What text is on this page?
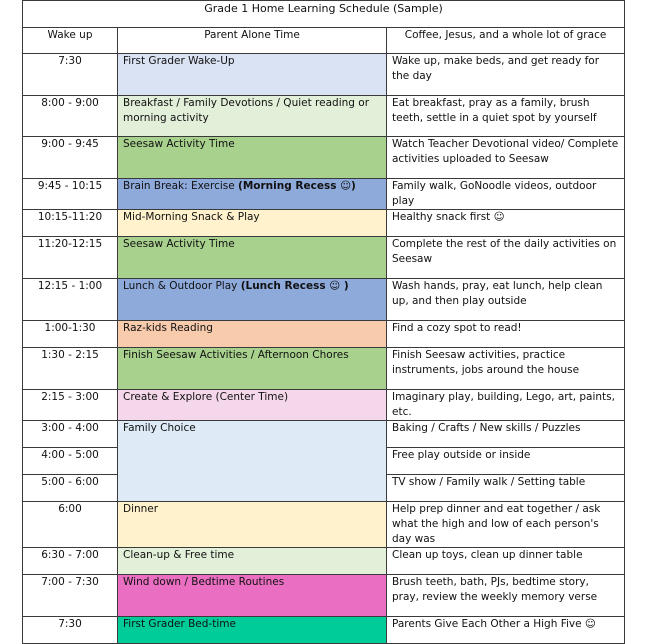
Grade 1 Home Learning Schedule (Sample)		
Wake up	Parent Alone Time	Coffee, Jesus, and a whole lot of grace
7:30	First Grader Wake-Up	Wake up, make beds, and get ready for the day
8:00 - 9:00	Breakfast / Family Devotions / Quiet reading or morning activity	Eat breakfast, pray as a family, brush teeth, settle in a quiet spot by yourself
9:00 - 9:45	Seesaw Activity Time	Watch Teacher Devotional video/ Complete activities uploaded to Seesaw
9:45 - 10:15	Brain Break: Exercise (Morning Recess ☺)	Family walk, GoNoodle videos, outdoor play
10:15-11:20	Mid-Morning Snack & Play	Healthy snack first ☺
11:20-12:15	Seesaw Activity Time	Complete the rest of the daily activities on Seesaw
12:15 - 1:00	Lunch & Outdoor Play (Lunch Recess ☺ )	Wash hands, pray, eat lunch, help clean up, and then play outside
1:00-1:30	Raz-kids Reading	Find a cozy spot to read!
1:30 - 2:15	Finish Seesaw Activities / Afternoon Chores	Finish Seesaw activities, practice instruments, jobs around the house
2:15 - 3:00	Create & Explore (Center Time)	Imaginary play, building, Lego, art, paints, etc.
3:00 - 4:00	Family Choice	Baking / Crafts / New skills / Puzzles
4:00 - 5:00		Free play outside or inside
5:00 - 6:00		TV show / Family walk / Setting table
6:00	Dinner	Help prep dinner and eat together / ask what the high and low of each person's day was
6:30 - 7:00	Clean-up & Free time	Clean up toys, clean up dinner table
7:00 - 7:30	Wind down / Bedtime Routines	Brush teeth, bath, PJs, bedtime story, pray, review the weekly memory verse
7:30	First Grader Bed-time	Parents Give Each Other a High Five ☺
